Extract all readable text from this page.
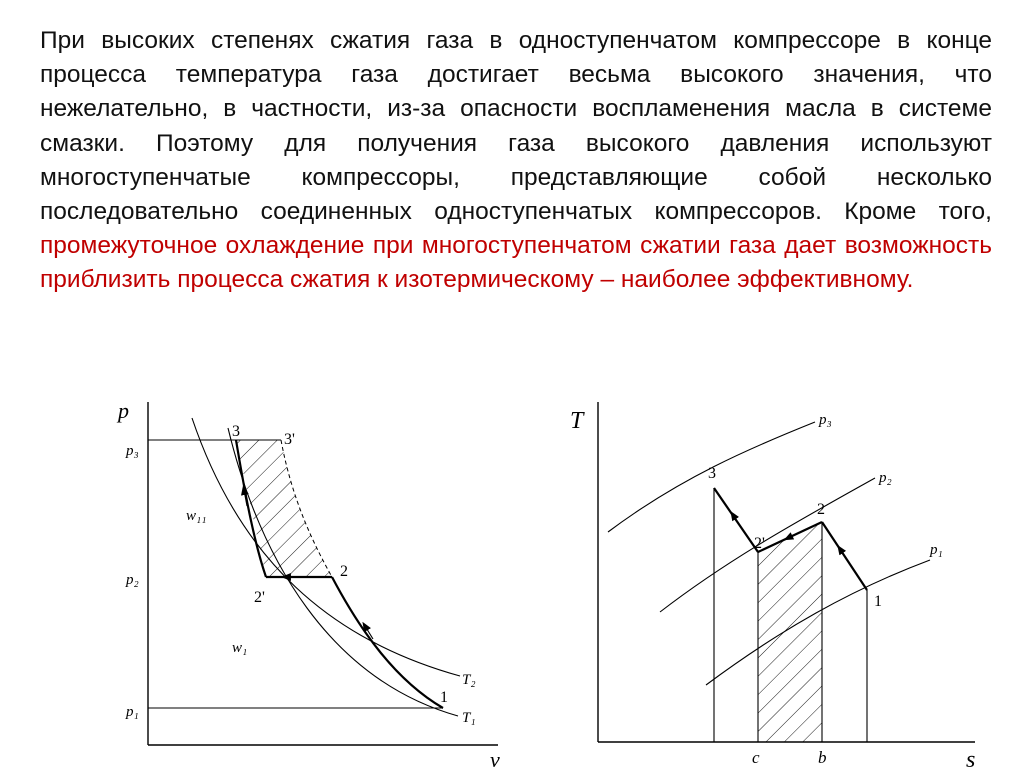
При высоких степенях сжатия газа в одноступенчатом компрессоре в конце процесса температура газа достигает весьма высокого значения, что нежелательно, в частности, из-за опасности воспламенения масла в системе смазки. Поэтому для получения газа высокого давления используют многоступенчатые компрессоры, представляющие собой несколько последовательно соединенных одноступенчатых компрессоров. Кроме того, промежуточное охлаждение при многоступенчатом сжатии газа дает возможность приблизить процесса сжатия к изотермическому – наиболее эффективному.

p
v
p₃
p₂
p₁
3	3'
2
2'
1
w₁₁
w₁
T₂
T₁
T
s
p₃
p₂
p₁
3
2'
2
1
c	b
